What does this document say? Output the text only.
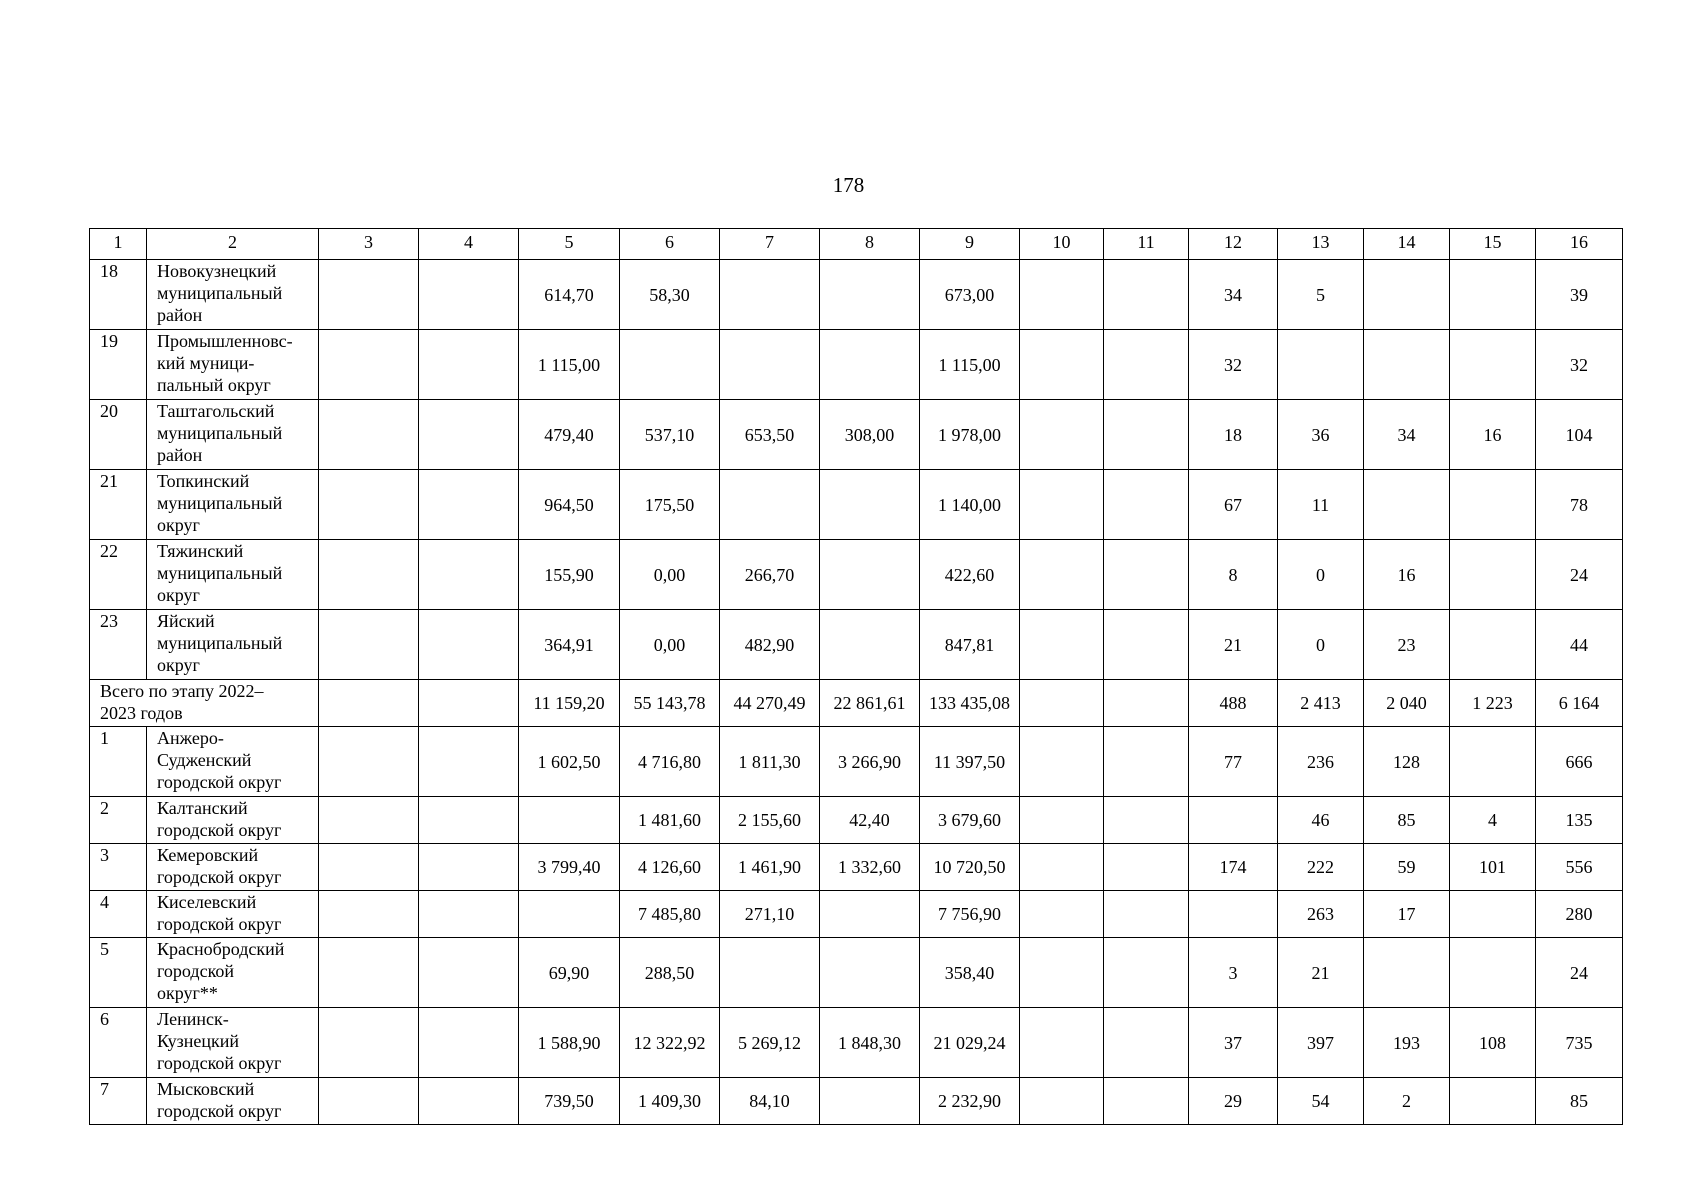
178
1	2	3	4	5	6	7	8	9	10	11	12	13	14	15	16
18	Новокузнецкий
муниципальный
район			614,70	58,30			673,00			34	5			39
19	Промышленновс-
кий муници-
пальный округ			1 115,00				1 115,00			32				32
20	Таштагольский
муниципальный
район			479,40	537,10	653,50	308,00	1 978,00			18	36	34	16	104
21	Топкинский
муниципальный
округ			964,50	175,50			1 140,00			67	11			78
22	Тяжинский
муниципальный
округ			155,90	0,00	266,70		422,60			8	0	16		24
23	Яйский
муниципальный
округ			364,91	0,00	482,90		847,81			21	0	23		44
Всего по этапу 2022–
2023 годов				11 159,20	55 143,78	44 270,49	22 861,61	133 435,08			488	2 413	2 040	1 223	6 164
1	Анжеро-
Судженский
городской округ			1 602,50	4 716,80	1 811,30	3 266,90	11 397,50			77	236	128		666
2	Калтанский
городской округ				1 481,60	2 155,60	42,40	3 679,60				46	85	4	135
3	Кемеровский
городской округ			3 799,40	4 126,60	1 461,90	1 332,60	10 720,50			174	222	59	101	556
4	Киселевский
городской округ				7 485,80	271,10		7 756,90				263	17		280
5	Краснобродский
городской
округ**			69,90	288,50			358,40			3	21			24
6	Ленинск-
Кузнецкий
городской округ			1 588,90	12 322,92	5 269,12	1 848,30	21 029,24			37	397	193	108	735
7	Мысковский
городской округ			739,50	1 409,30	84,10		2 232,90			29	54	2		85
